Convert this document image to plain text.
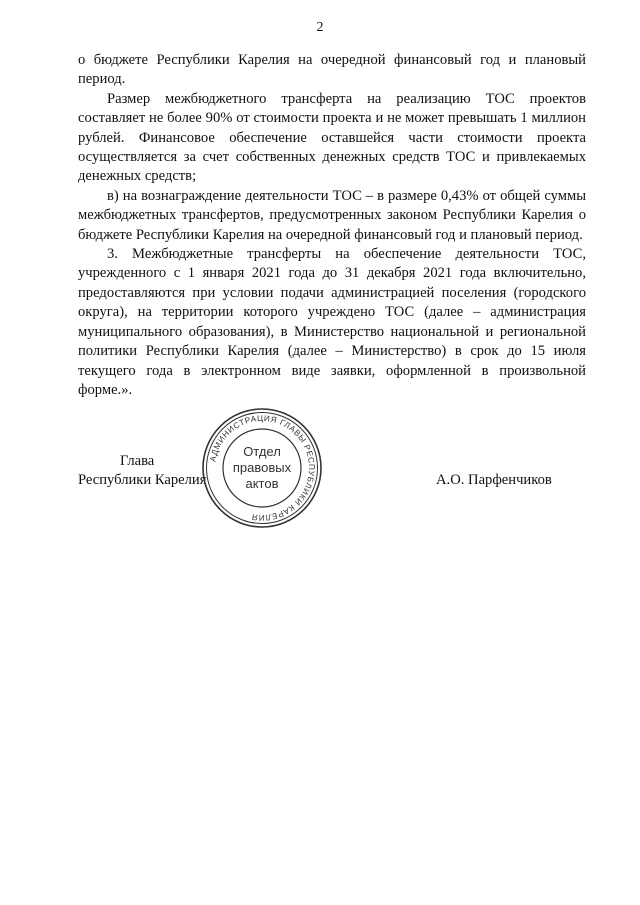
2

о бюджете Республики Карелия на очередной финансовый год и плановый период.

Размер межбюджетного трансферта на реализацию ТОС проектов составляет не более 90% от стоимости проекта и не может превышать 1 миллион рублей. Финансовое обеспечение оставшейся части стоимости проекта осуществляется за счет собственных денежных средств ТОС и привлекаемых денежных средств;

в) на вознаграждение деятельности ТОС – в размере 0,43% от общей суммы межбюджетных трансфертов, предусмотренных законом Республики Карелия о бюджете Республики Карелия на очередной финансовый год и плановый период.

3. Межбюджетные трансферты на обеспечение деятельности ТОС, учрежденного с 1 января 2021 года до 31 декабря 2021 года включительно, предоставляются при условии подачи администрацией поселения (городского округа), на территории которого учреждено ТОС (далее – администрация муниципального образования), в Министерство национальной и региональной политики Республики Карелия (далее – Министерство) в срок до 15 июля текущего года в электронном виде заявки, оформленной в произвольной форме.».

Глава
Республики Карелия
АДМИНИСТРАЦИЯ ГЛАВЫ РЕСПУБЛИКИ КАРЕЛИЯ
Отдел
правовых
актов	А.О. Парфенчиков
